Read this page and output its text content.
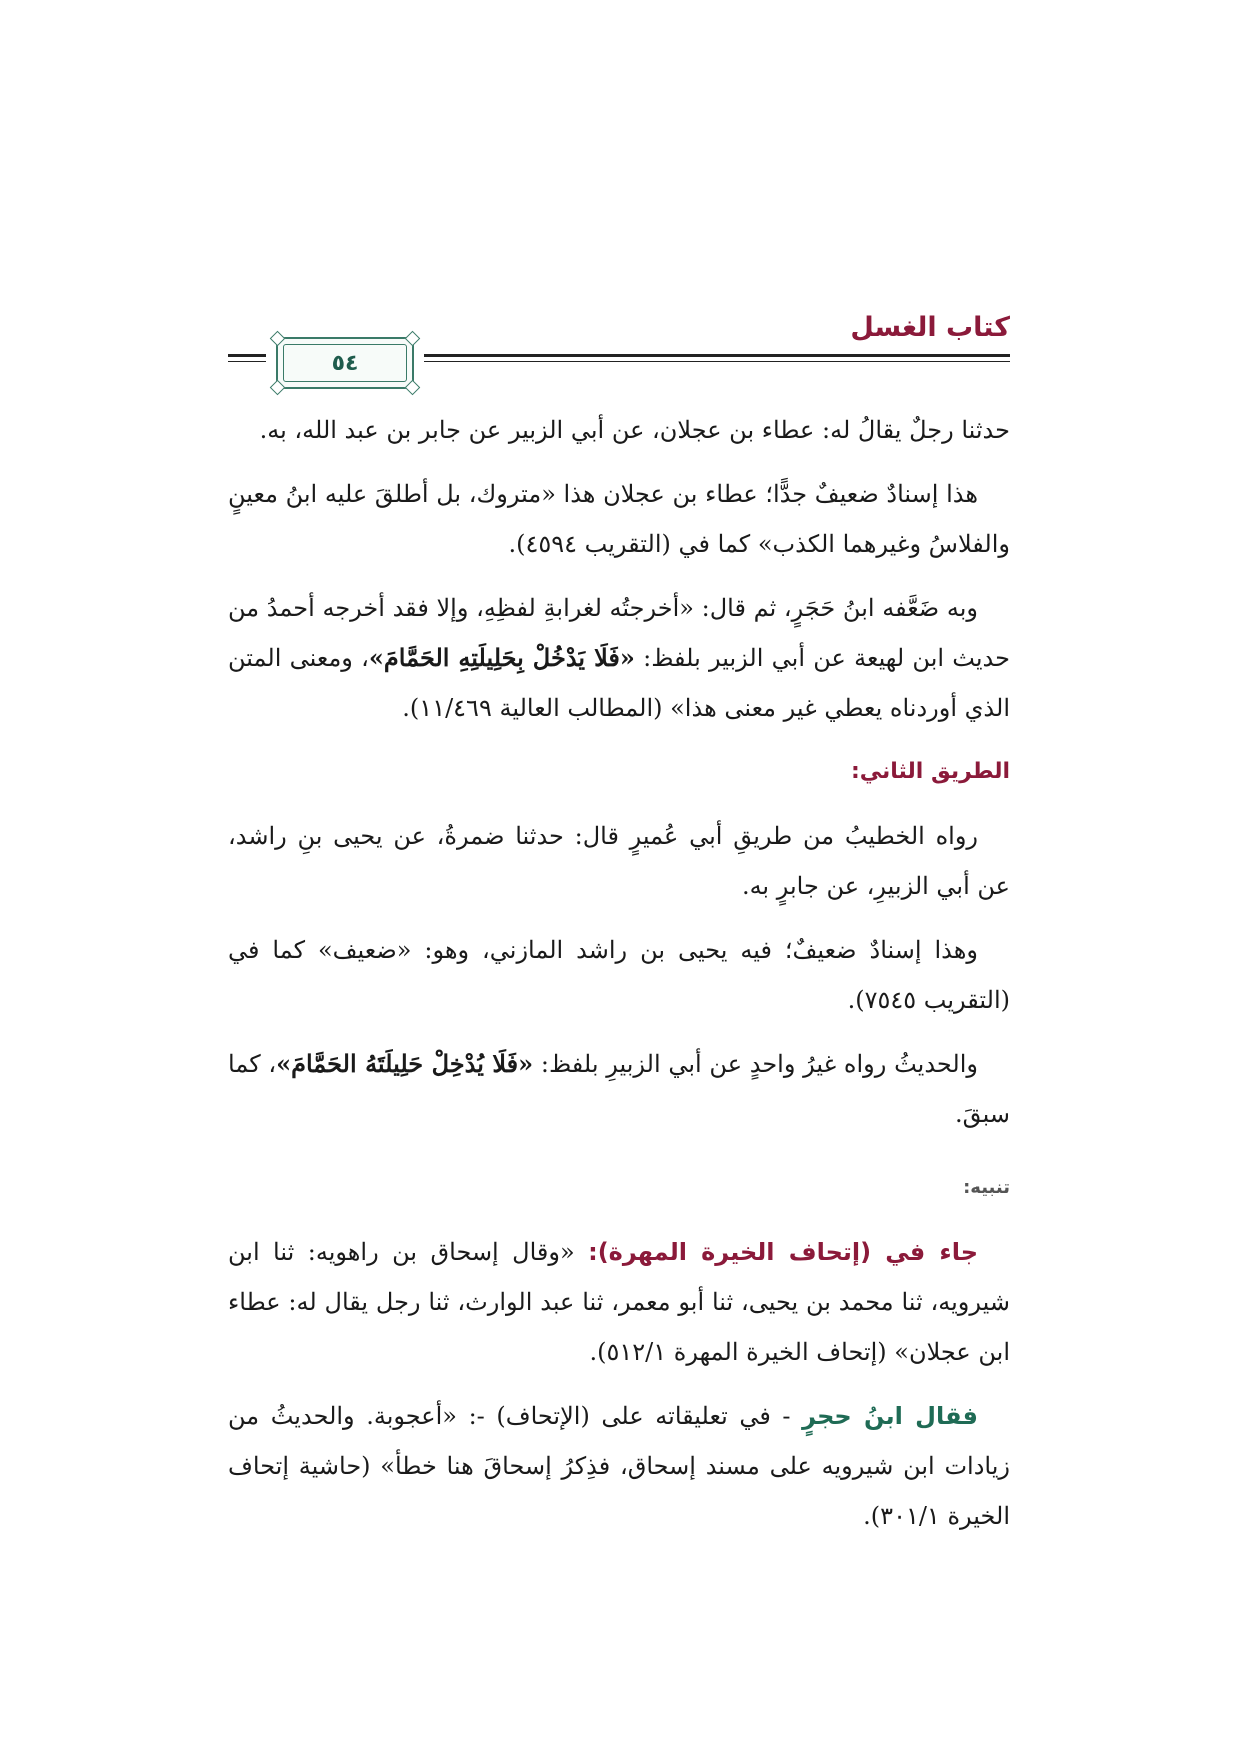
كتاب الغسل
٥٤

حدثنا رجلٌ يقالُ له: عطاء بن عجلان، عن أبي الزبير عن جابر بن عبد الله، به.

هذا إسنادٌ ضعيفٌ جدًّا؛ عطاء بن عجلان هذا «متروك، بل أطلقَ عليه ابنُ معينٍ والفلاسُ وغيرهما الكذب» كما في (التقريب ٤٥٩٤).

وبه ضَعَّفه ابنُ حَجَرٍ، ثم قال: «أخرجتُه لغرابةِ لفظِهِ، وإلا فقد أخرجه أحمدُ من حديث ابن لهيعة عن أبي الزبير بلفظ: «فَلَا يَدْخُلْ بِحَلِيلَتِهِ الحَمَّامَ»، ومعنى المتن الذي أوردناه يعطي غير معنى هذا» (المطالب العالية ١١/٤٦٩).

الطريق الثاني:

رواه الخطيبُ من طريقِ أبي عُميرٍ قال: حدثنا ضمرةُ، عن يحيى بنِ راشد، عن أبي الزبيرِ، عن جابرٍ به.

وهذا إسنادٌ ضعيفٌ؛ فيه يحيى بن راشد المازني، وهو: «ضعيف» كما في (التقريب ٧٥٤٥).

والحديثُ رواه غيرُ واحدٍ عن أبي الزبيرِ بلفظ: «فَلَا يُدْخِلْ حَلِيلَتَهُ الحَمَّامَ»، كما سبقَ.

تنبيه:

جاء في (إتحاف الخيرة المهرة): «وقال إسحاق بن راهويه: ثنا ابن شيرويه، ثنا محمد بن يحيى، ثنا أبو معمر، ثنا عبد الوارث، ثنا رجل يقال له: عطاء ابن عجلان» (إتحاف الخيرة المهرة ٥١٢/١).

فقال ابنُ حجرٍ - في تعليقاته على (الإتحاف) -: «أعجوبة. والحديثُ من زيادات ابن شيرويه على مسند إسحاق، فذِكرُ إسحاقَ هنا خطأ» (حاشية إتحاف الخيرة ٣٠١/١).
